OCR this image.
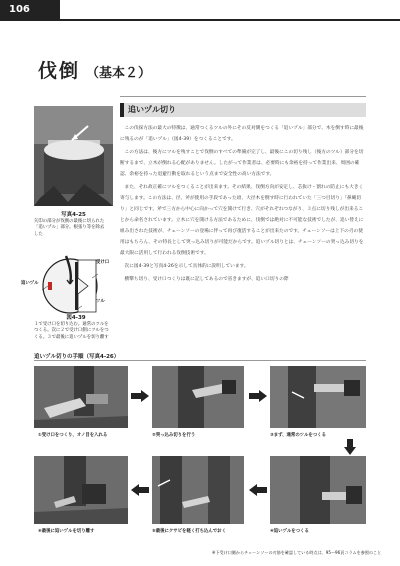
106
伐倒 （基本２）
追いヅル切り
写真4-25
矢印の部分が伐倒の最後に切られた
「追いヅル」部分。根張り等を除去
した
受け口
追いヅル
ツル
図4-39
１で受け口を切り込む。通常のツルを
つくる。次に２で受け口側にツルをつ
くる。３で最後に追いヅルを切り離す

この伐採方法の最大の特徴は、通常つくるツルの外にその反対側をつくる「追いヅル」部分で、木を倒す時に最後に残るのが「追いヅル」（図4-39）をつくることです。

この方法は、後方にツルを残すことで伐倒のすべての準備が完了し、最後にこの切り残し（後方のツル）部分を切断するまで、立木が倒れる心配がありません。したがって作業者は、必要時にも余裕を持って作業出来、周囲の確認、余裕を持った退避行動を取れるという点まで安全性の高い方法です。

また、それ故正確にツルをつくることが出来ます。その結果、伐倒方向が安定し、芯抜け・割れの防止にも大きく寄与します。この方法は、径、斧が使用の手段であった頃、大径木を倒す時に行われていた「三つ目切り」「鼻縄切り」と同じです。斧で三方から中心に向かって穴を開けて行き、穴がそれぞれつながり、３点に切り残しが出来ることから命名されています。立木に穴を開ける方法であるために、伐倒では絶対に不可能な技術でしたが、追い替えに組み出された技術が、チェーンソーの登場に伴って再び復活することが出来たのです。チェーンソーは上下の刃の使用はもちろん、その特長として突っ込み切りが可能だからです。追いヅル切りとは、チェーンソーの突っ込み切りを最大限に活用して行われる伐倒技術です。

次に図4-39と写真4-26を示して具体的に説明しています。

横撃ち切り、受け口つくりは既に記してあるので省きますが、追い口切りの際

追いヅル切りの手順（写真4-26）
①受け口をつくり、オノ目を入れる	②突っ込み切りを行う	③まず、通常のツルをつくる
⑥最後に追いヅルを切り離す	⑤最後にクサビを軽く打ち込んでおく	④追いヅルをつくる
※下受け口側からチェーンソーの刃筋を確認している時点は、95〜96頁コラムを参照のこと
